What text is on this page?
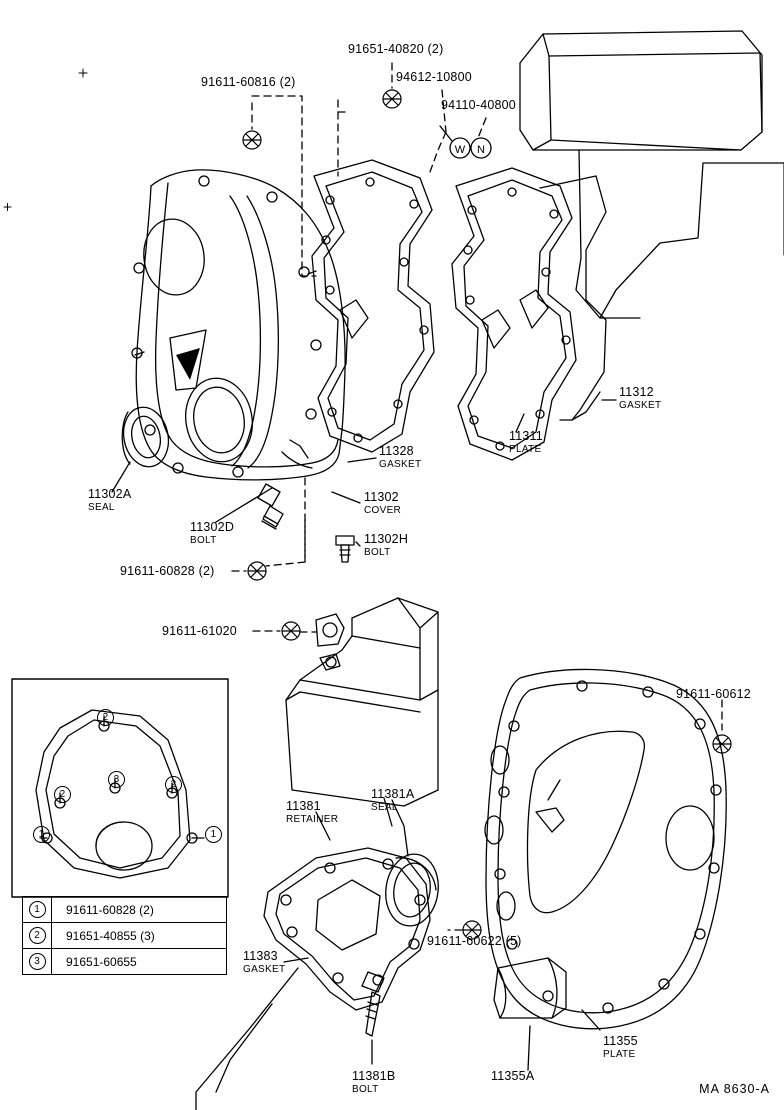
W N
91651-40820 (2)
94612-10800
94110-40800
91611-60816 (2)
11312
GASKET
11311
PLATE
11328
GASKET
11302
COVER
11302H
BOLT
11302A
SEAL
11302D
BOLT
91611-60828 (2)
91611-61020
91611-60612
11381A
SEAL
11381
RETAINER
91611-60622 (5)
11383
GASKET
11381B
BOLT
11355A
11355
PLATE
2
3
2
2
1	1
1	91611-60828 (2)
2	91651-40855 (3)
3	91651-60655
MA 8630-A
